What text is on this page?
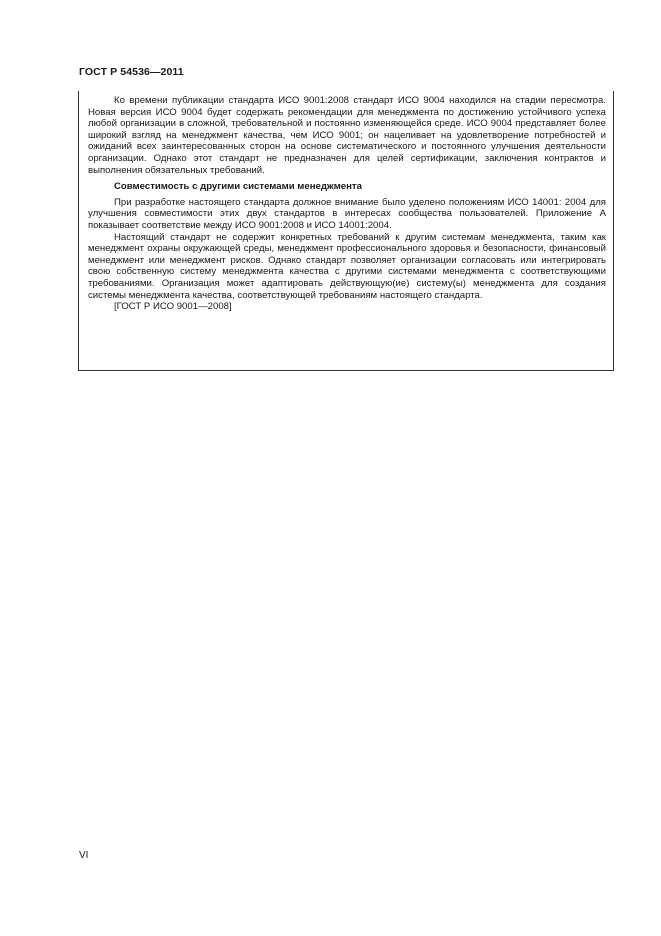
ГОСТ Р 54536—2011

Ко времени публикации стандарта ИСО 9001:2008 стандарт ИСО 9004 находился на стадии пересмотра. Новая версия ИСО 9004 будет содержать рекомендации для менеджмента по достижению устойчивого успеха любой организации в сложной, требовательной и постоянно изменяющейся среде. ИСО 9004 представляет более широкий взгляд на менеджмент качества, чем ИСО 9001; он нацеливает на удовлетворение потребностей и ожиданий всех заинтересованных сторон на основе систематического и постоянного улучшения деятельности организации. Однако этот стандарт не предназначен для целей сертификации, заключения контрактов и выполнения обязательных требований.

Совместимость с другими системами менеджмента

При разработке настоящего стандарта должное внимание было уделено положениям ИСО 14001: 2004 для улучшения совместимости этих двух стандартов в интересах сообщества пользователей. Приложение А показывает соответствие между ИСО 9001:2008 и ИСО 14001:2004.

Настоящий стандарт не содержит конкретных требований к другим системам менеджмента, таким как менеджмент охраны окружающей среды, менеджмент профессионального здоровья и безопасности, финансовый менеджмент или менеджмент рисков. Однако стандарт позволяет организации согласовать или интегрировать свою собственную систему менеджмента качества с другими системами менеджмента с соответствующими требованиями. Организация может адаптировать действующую(ие) систему(ы) менеджмента для создания системы менеджмента качества, соответствующей требованиям настоящего стандарта.

[ГОСТ Р ИСО 9001—2008]

VI
